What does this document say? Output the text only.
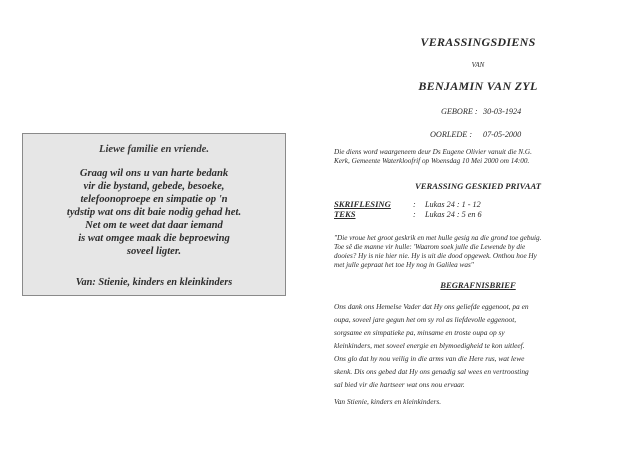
Liewe familie en vriende.
Graag wil ons u van harte bedank
vir die bystand, gebede, besoeke,
telefoonoproepe en simpatie op 'n
tydstip wat ons dit baie nodig gehad het.
Net om te weet dat daar iemand
is wat omgee maak die beproewing
soveel ligter.
Van: Stienie, kinders en kleinkinders
VERASSINGSDIENS
VAN
BENJAMIN VAN ZYL
GEBORE : 30-03-1924
OORLEDE : 07-05-2000
Die diens word waargeneem deur Ds Eugene Olivier vanuit die N.G.
Kerk, Gemeente Waterkloofrif op Woensdag 10 Mei 2000 om 14:00.
VERASSING GESKIED PRIVAAT
SKRIFLESING	: Lukas 24 : 1 - 12
TEKS	: Lukas 24 : 5 en 6
"Die vroue het groot geskrik en met hulle gesig na die grond toe gebuig.
Toe sê die manne vir hulle: 'Waarom soek julle die Lewende by die
dooies? Hy is nie hier nie. Hy is uit die dood opgewek. Onthou hoe Hy
met julle gepraat het toe Hy nog in Galilea was"
BEGRAFNISBRIEF
Ons dank ons Hemelse Vader dat Hy ons geliefde eggenoot, pa en
oupa, soveel jare gegun het om sy rol as liefdevolle eggenoot,
sorgsame en simpatieke pa, minsame en troste oupa op sy
kleinkinders, met soveel energie en blymoedigheid te kon uitleef.
Ons glo dat hy nou veilig in die arms van die Here rus, wat lewe
skenk. Dis ons gebed dat Hy ons genadig sal wees en vertroosting
sal bied vir die hartseer wat ons nou ervaar.
Van Stienie, kinders en kleinkinders.
